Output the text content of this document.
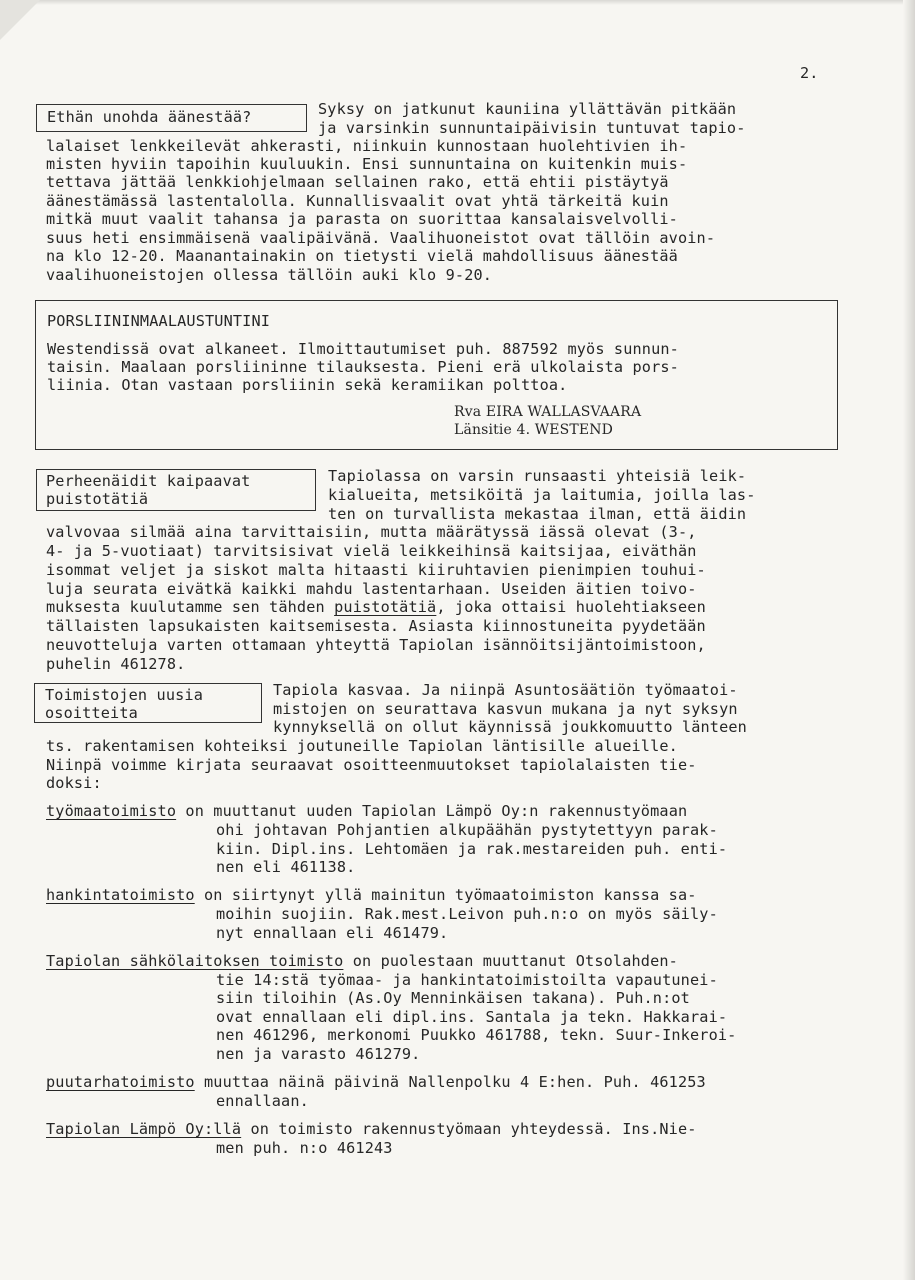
2.
Ethän unohda äänestää?	Syksy on jatkunut kauniina yllättävän pitkään
ja varsinkin sunnuntaipäivisin tuntuvat tapio-
lalaiset lenkkeilevät ahkerasti, niinkuin kunnostaan huolehtivien ih-
misten hyviin tapoihin kuuluukin. Ensi sunnuntaina on kuitenkin muis-
tettava jättää lenkkiohjelmaan sellainen rako, että ehtii pistäytyä
äänestämässä lastentalolla. Kunnallisvaalit ovat yhtä tärkeitä kuin
mitkä muut vaalit tahansa ja parasta on suorittaa kansalaisvelvolli-
suus heti ensimmäisenä vaalipäivänä. Vaalihuoneistot ovat tällöin avoin-
na klo 12-20. Maanantainakin on tietysti vielä mahdollisuus äänestää
vaalihuoneistojen ollessa tällöin auki klo 9-20.
PORSLIININMAALAUSTUNTINI
Westendissä ovat alkaneet. Ilmoittautumiset puh. 887592 myös sunnun-
taisin. Maalaan porsliininne tilauksesta. Pieni erä ulkolaista pors-
liinia. Otan vastaan porsliinin sekä keramiikan polttoa.
Rva EIRA WALLASVAARA
Länsitie 4. WESTEND
Perheenäidit kaipaavat
puistotätiä
Tapiolassa on varsin runsaasti yhteisiä leik-
kialueita, metsiköitä ja laitumia, joilla las-
ten on turvallista mekastaa ilman, että äidin
valvovaa silmää aina tarvittaisiin, mutta määrätyssä iässä olevat (3-,
4- ja 5-vuotiaat) tarvitsisivat vielä leikkeihinsä kaitsijaa, eiväthän
isommat veljet ja siskot malta hitaasti kiiruhtavien pienimpien touhui-
luja seurata eivätkä kaikki mahdu lastentarhaan. Useiden äitien toivo-
muksesta kuulutamme sen tähden puistotätiä, joka ottaisi huolehtiakseen
tällaisten lapsukaisten kaitsemisesta. Asiasta kiinnostuneita pyydetään
neuvotteluja varten ottamaan yhteyttä Tapiolan isännöitsijäntoimistoon,
puhelin 461278.
Toimistojen uusia
osoitteita
Tapiola kasvaa. Ja niinpä Asuntosäätiön työmaatoi-
mistojen on seurattava kasvun mukana ja nyt syksyn
kynnyksellä on ollut käynnissä joukkomuutto länteen
ts. rakentamisen kohteiksi joutuneille Tapiolan läntisille alueille.
Niinpä voimme kirjata seuraavat osoitteenmuutokset tapiolalaisten tie-
doksi:
työmaatoimisto on muuttanut uuden Tapiolan Lämpö Oy:n rakennustyömaan
ohi johtavan Pohjantien alkupäähän pystytettyyn parak-
kiin. Dipl.ins. Lehtomäen ja rak.mestareiden puh. enti-
nen eli 461138.
hankintatoimisto on siirtynyt yllä mainitun työmaatoimiston kanssa sa-
moihin suojiin. Rak.mest.Leivon puh.n:o on myös säily-
nyt ennallaan eli 461479.
Tapiolan sähkölaitoksen toimisto on puolestaan muuttanut Otsolahden-
tie 14:stä työmaa- ja hankintatoimistoilta vapautunei-
siin tiloihin (As.Oy Menninkäisen takana). Puh.n:ot
ovat ennallaan eli dipl.ins. Santala ja tekn. Hakkarai-
nen 461296, merkonomi Puukko 461788, tekn. Suur-Inkeroi-
nen ja varasto 461279.
puutarhatoimisto muuttaa näinä päivinä Nallenpolku 4 E:hen. Puh. 461253
ennallaan.
Tapiolan Lämpö Oy:llä on toimisto rakennustyömaan yhteydessä. Ins.Nie-
men puh. n:o 461243
